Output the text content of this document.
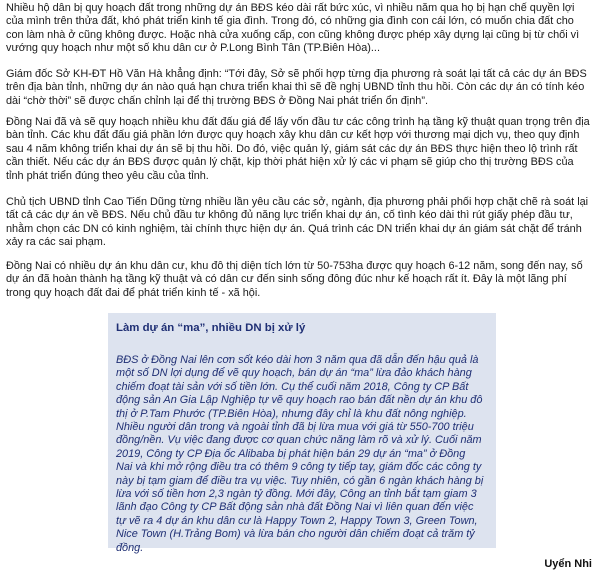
Nhiều hộ dân bị quy hoạch đất trong những dự án BĐS kéo dài rất bức xúc, vì nhiều năm qua họ bị hạn chế quyền lợi của mình trên thửa đất, khó phát triển kinh tế gia đình. Trong đó, có những gia đình con cái lớn, có muốn chia đất cho con làm nhà ở cũng không được. Hoặc nhà cửa xuống cấp, con cũng không được phép xây dựng lại cũng bị từ chối vì vướng quy hoạch như một số khu dân cư ở P.Long Bình Tân (TP.Biên Hòa)...

Giám đốc Sở KH-ĐT Hồ Văn Hà khẳng định: “Tới đây, Sở sẽ phối hợp từng địa phương rà soát lại tất cả các dự án BĐS trên địa bàn tỉnh, những dự án nào quá hạn chưa triển khai thì sẽ đề nghị UBND tỉnh thu hồi. Còn các dự án có tính kéo dài “chờ thời” sẽ được chấn chỉnh lại để thị trường BĐS ở Đồng Nai phát triển ổn định”.

Đồng Nai đã và sẽ quy hoạch nhiều khu đất đấu giá để lấy vốn đầu tư các công trình hạ tầng kỹ thuật quan trọng trên địa bàn tỉnh. Các khu đất đấu giá phần lớn được quy hoạch xây khu dân cư kết hợp với thương mại dịch vụ, theo quy định sau 4 năm không triển khai dự án sẽ bị thu hồi. Do đó, việc quản lý, giám sát các dự án BĐS thực hiện theo lộ trình rất cần thiết. Nếu các dự án BĐS được quản lý chặt, kịp thời phát hiện xử lý các vi phạm sẽ giúp cho thị trường BĐS của tỉnh phát triển đúng theo yêu cầu của tỉnh.

Chủ tịch UBND tỉnh Cao Tiến Dũng từng nhiều lần yêu cầu các sở, ngành, địa phương phải phối hợp chặt chẽ rà soát lại tất cả các dự án về BĐS. Nếu chủ đầu tư không đủ năng lực triển khai dự án, cố tình kéo dài thì rút giấy phép đầu tư, nhằm chọn các DN có kinh nghiệm, tài chính thực hiện dự án. Quá trình các DN triển khai dự án giám sát chặt để tránh xảy ra các sai phạm.

Đồng Nai có nhiều dự án khu dân cư, khu đô thị diện tích lớn từ 50-753ha được quy hoạch 6-12 năm, song đến nay, số dự án đã hoàn thành hạ tầng kỹ thuật và có dân cư đến sinh sống đông đúc như kế hoạch rất ít. Đây là một lãng phí trong quy hoạch đất đai để phát triển kinh tế - xã hội.

Làm dự án “ma”, nhiều DN bị xử lý

BĐS ở Đồng Nai lên cơn sốt kéo dài hơn 3 năm qua đã dẫn đến hậu quả là một số DN lợi dụng để vẽ quy hoạch, bán dự án “ma” lừa đảo khách hàng chiếm đoạt tài sản với số tiền lớn. Cụ thể cuối năm 2018, Công ty CP Bất động sản An Gia Lập Nghiệp tự vẽ quy hoạch rao bán đất nền dự án khu đô thị ở P.Tam Phước (TP.Biên Hòa), nhưng đây chỉ là khu đất nông nghiệp. Nhiều người dân trong và ngoài tỉnh đã bị lừa mua với giá từ 550-700 triệu đồng/nền. Vụ việc đang được cơ quan chức năng làm rõ và xử lý. Cuối năm 2019, Công ty CP Địa ốc Alibaba bị phát hiện bán 29 dự án “ma” ở Đồng Nai và khi mở rộng điều tra có thêm 9 công ty tiếp tay, giám đốc các công ty này bị tạm giam để điều tra vụ việc. Tuy nhiên, có gần 6 ngàn khách hàng bị lừa với số tiền hơn 2,3 ngàn tỷ đồng. Mới đây, Công an tỉnh bắt tạm giam 3 lãnh đạo Công ty CP Bất động sản nhà đất Đồng Nai vì liên quan đến việc tự vẽ ra 4 dự án khu dân cư là Happy Town 2, Happy Town 3, Green Town, Nice Town (H.Trảng Bom) và lừa bán cho người dân chiếm đoạt cả trăm tỷ đồng.

Uyển Nhi
